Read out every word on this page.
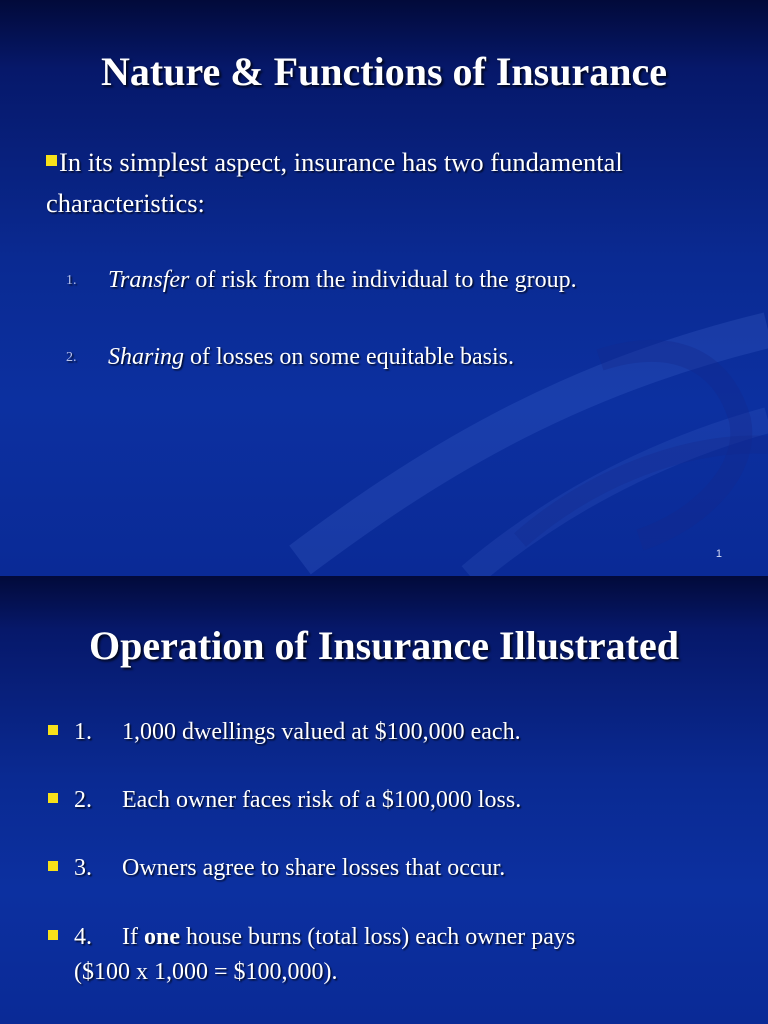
Nature & Functions of Insurance
In its simplest aspect, insurance has two fundamental characteristics:
1. Transfer of risk from the individual to the group.
2. Sharing of losses on some equitable basis.
1
Operation of Insurance Illustrated
1. 1,000 dwellings valued at $100,000 each.
2. Each owner faces risk of a $100,000 loss.
3. Owners agree to share losses that occur.
4. If one house burns (total loss) each owner pays
($100 x 1,000 = $100,000).
